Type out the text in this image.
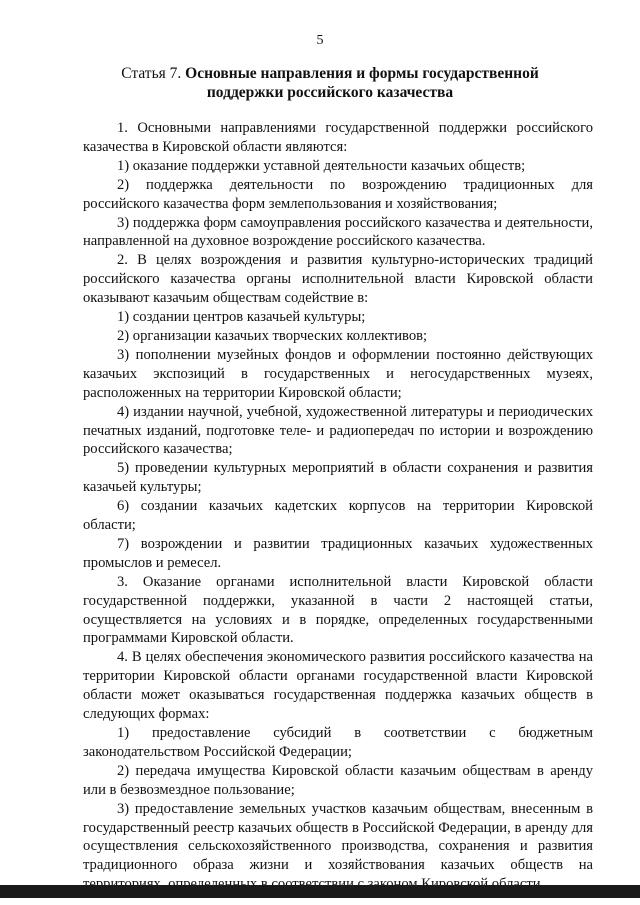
5
Статья 7. Основные направления и формы государственной
поддержки российского казачества

1. Основными направлениями государственной поддержки российского казачества в Кировской области являются:

1) оказание поддержки уставной деятельности казачьих обществ;

2) поддержка деятельности по возрождению традиционных для российского казачества форм землепользования и хозяйствования;

3) поддержка форм самоуправления российского казачества и деятельности, направленной на духовное возрождение российского казачества.

2. В целях возрождения и развития культурно-исторических традиций российского казачества органы исполнительной власти Кировской области оказывают казачьим обществам содействие в:

1) создании центров казачьей культуры;

2) организации казачьих творческих коллективов;

3) пополнении музейных фондов и оформлении постоянно действующих казачьих экспозиций в государственных и негосударственных музеях, расположенных на территории Кировской области;

4) издании научной, учебной, художественной литературы и периодических печатных изданий, подготовке теле- и радиопередач по истории и возрождению российского казачества;

5) проведении культурных мероприятий в области сохранения и развития казачьей культуры;

6) создании казачьих кадетских корпусов на территории Кировской области;

7) возрождении и развитии традиционных казачьих художественных промыслов и ремесел.

3. Оказание органами исполнительной власти Кировской области государственной поддержки, указанной в части 2 настоящей статьи, осуществляется на условиях и в порядке, определенных государственными программами Кировской области.

4. В целях обеспечения экономического развития российского казачества на территории Кировской области органами государственной власти Кировской области может оказываться государственная поддержка казачьих обществ в следующих формах:

1) предоставление субсидий в соответствии с бюджетным законодательством Российской Федерации;

2) передача имущества Кировской области казачьим обществам в аренду или в безвозмездное пользование;

3) предоставление земельных участков казачьим обществам, внесенным в государственный реестр казачьих обществ в Российской Федерации, в аренду для осуществления сельскохозяйственного производства, сохранения и развития традиционного образа жизни и хозяйствования казачьих обществ на
